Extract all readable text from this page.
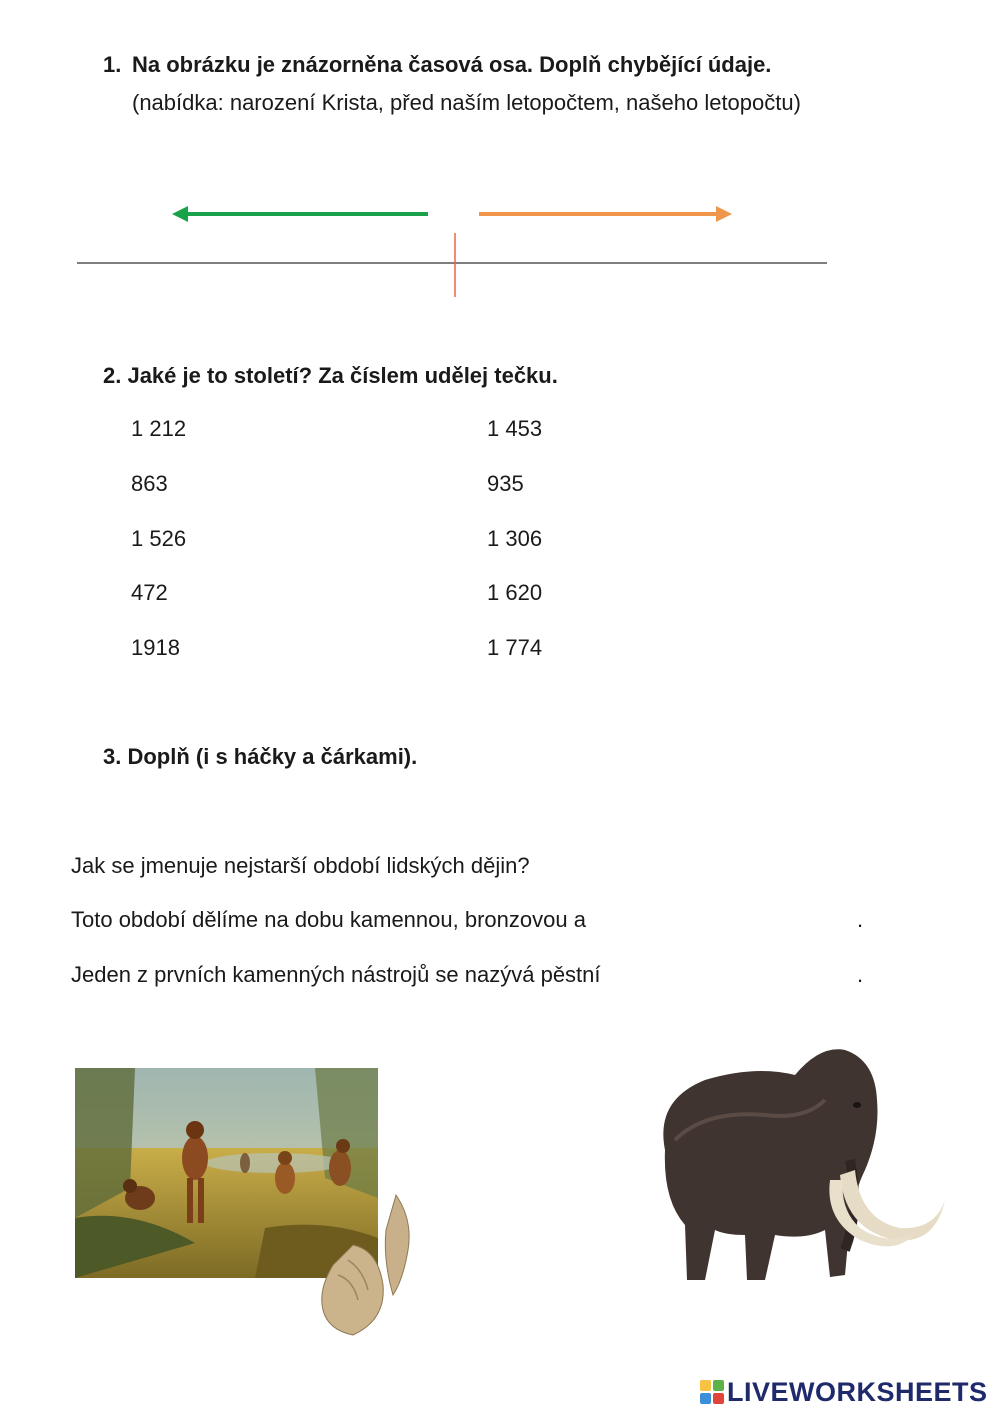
1. Na obrázku je znázorněna časová osa. Doplň chybějící údaje.
(nabídka: narození Krista, před naším letopočtem, našeho letopočtu)
2. Jaké je to století? Za číslem udělej tečku.
1 212
863
1 526
472
1918
1 453
935
1 306
1 620
1 774
3. Doplň (i s háčky a čárkami).
Jak se jmenuje nejstarší období lidských dějin?
Toto období dělíme na dobu kamennou, bronzovou a	.
Jeden z prvních kamenných nástrojů se nazývá pěstní	.
LIVEWORKSHEETS
